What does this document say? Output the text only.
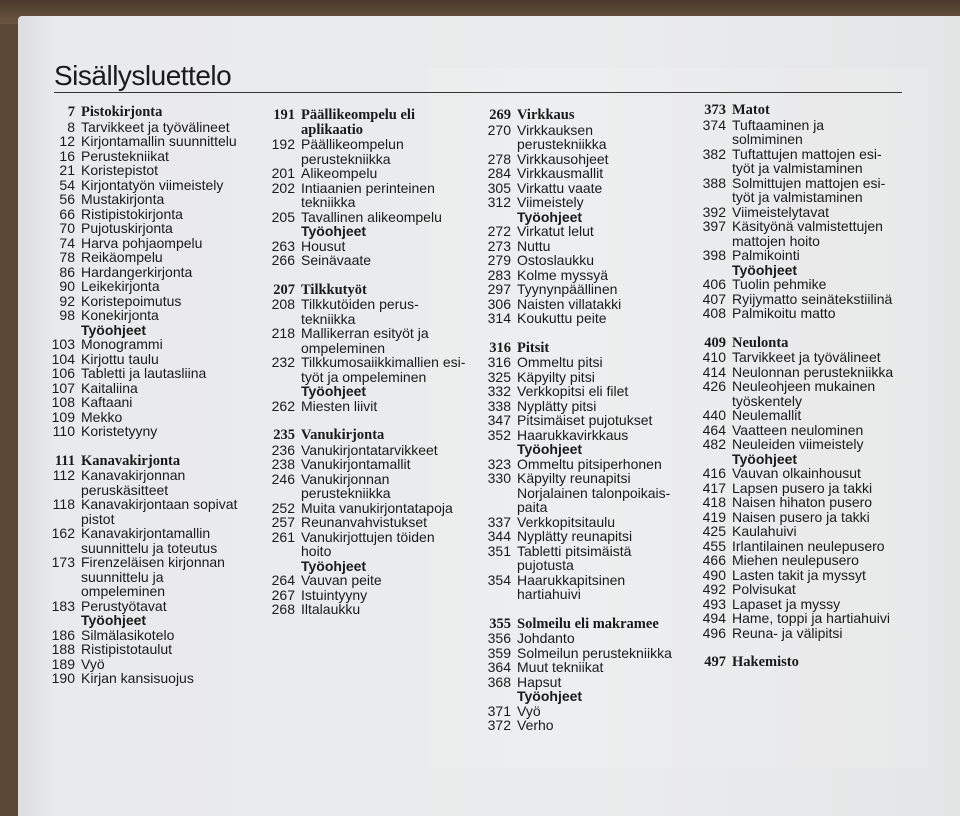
Sisällysluettelo
7 Pistokirjonta
8 Tarvikkeet ja työvälineet
12 Kirjontamallin suunnittelu
16 Perustekniikat
21 Koristepistot
54 Kirjontatyön viimeistely
56 Mustakirjonta
66 Ristipistokirjonta
70 Pujotuskirjonta
74 Harva pohjaompelu
78 Reikäompelu
86 Hardangerkirjonta
90 Leikekirjonta
92 Koristepoimutus
98 Konekirjonta
Työohjeet
103 Monogrammi
104 Kirjottu taulu
106 Tabletti ja lautasliina
107 Kaitaliina
108 Kaftaani
109 Mekko
110 Koristetyyny
111 Kanavakirjonta
112 Kanavakirjonnan
peruskäsitteet
118 Kanavakirjontaan sopivat
pistot
162 Kanavakirjontamallin
suunnittelu ja toteutus
173 Firenzeläisen kirjonnan
suunnittelu ja
ompeleminen
183 Perustyötavat
Työohjeet
186 Silmälasikotelo
188 Ristipistotaulut
189 Vyö
190 Kirjan kansisuojus
191 Päällikeompelu eli
aplikaatio
192 Päällikeompelun
perustekniikka
201 Alikeompelu
202 Intiaanien perinteinen
tekniikka
205 Tavallinen alikeompelu
Työohjeet
263 Housut
266 Seinävaate
207 Tilkkutyöt
208 Tilkkutöiden perus-
tekniikka
218 Mallikerran esityöt ja
ompeleminen
232 Tilkkumosaiikkimallien esi-
työt ja ompeleminen
Työohjeet
262 Miesten liivit
235 Vanukirjonta
236 Vanukirjontatarvikkeet
238 Vanukirjontamallit
246 Vanukirjonnan
perustekniikka
252 Muita vanukirjontatapoja
257 Reunanvahvistukset
261 Vanukirjottujen töiden
hoito
Työohjeet
264 Vauvan peite
267 Istuintyyny
268 Iltalaukku
269 Virkkaus
270 Virkkauksen
perustekniikka
278 Virkkausohjeet
284 Virkkausmallit
305 Virkattu vaate
312 Viimeistely
Työohjeet
272 Virkatut lelut
273 Nuttu
279 Ostoslaukku
283 Kolme myssyä
297 Tyynynpäällinen
306 Naisten villatakki
314 Koukuttu peite
316 Pitsit
316 Ommeltu pitsi
325 Käpyilty pitsi
332 Verkkopitsi eli filet
338 Nyplätty pitsi
347 Pitsimäiset pujotukset
352 Haarukkavirkkaus
Työohjeet
323 Ommeltu pitsiperhonen
330 Käpyilty reunapitsi
Norjalainen talonpoikais-
paita
337 Verkkopitsitaulu
344 Nyplätty reunapitsi
351 Tabletti pitsimäistä
pujotusta
354 Haarukkapitsinen
hartiahuivi
355 Solmeilu eli makramee
356 Johdanto
359 Solmeilun perustekniikka
364 Muut tekniikat
368 Hapsut
Työohjeet
371 Vyö
372 Verho
373 Matot
374 Tuftaaminen ja
solmiminen
382 Tuftattujen mattojen esi-
työt ja valmistaminen
388 Solmittujen mattojen esi-
työt ja valmistaminen
392 Viimeistelytavat
397 Käsityönä valmistettujen
mattojen hoito
398 Palmikointi
Työohjeet
406 Tuolin pehmike
407 Ryijymatto seinätekstiilinä
408 Palmikoitu matto
409 Neulonta
410 Tarvikkeet ja työvälineet
414 Neulonnan perustekniikka
426 Neuleohjeen mukainen
työskentely
440 Neulemallit
464 Vaatteen neulominen
482 Neuleiden viimeistely
Työohjeet
416 Vauvan olkainhousut
417 Lapsen pusero ja takki
418 Naisen hihaton pusero
419 Naisen pusero ja takki
425 Kaulahuivi
455 Irlantilainen neulepusero
466 Miehen neulepusero
490 Lasten takit ja myssyt
492 Polvisukat
493 Lapaset ja myssy
494 Hame, toppi ja hartiahuivi
496 Reuna- ja välipitsi
497 Hakemisto
